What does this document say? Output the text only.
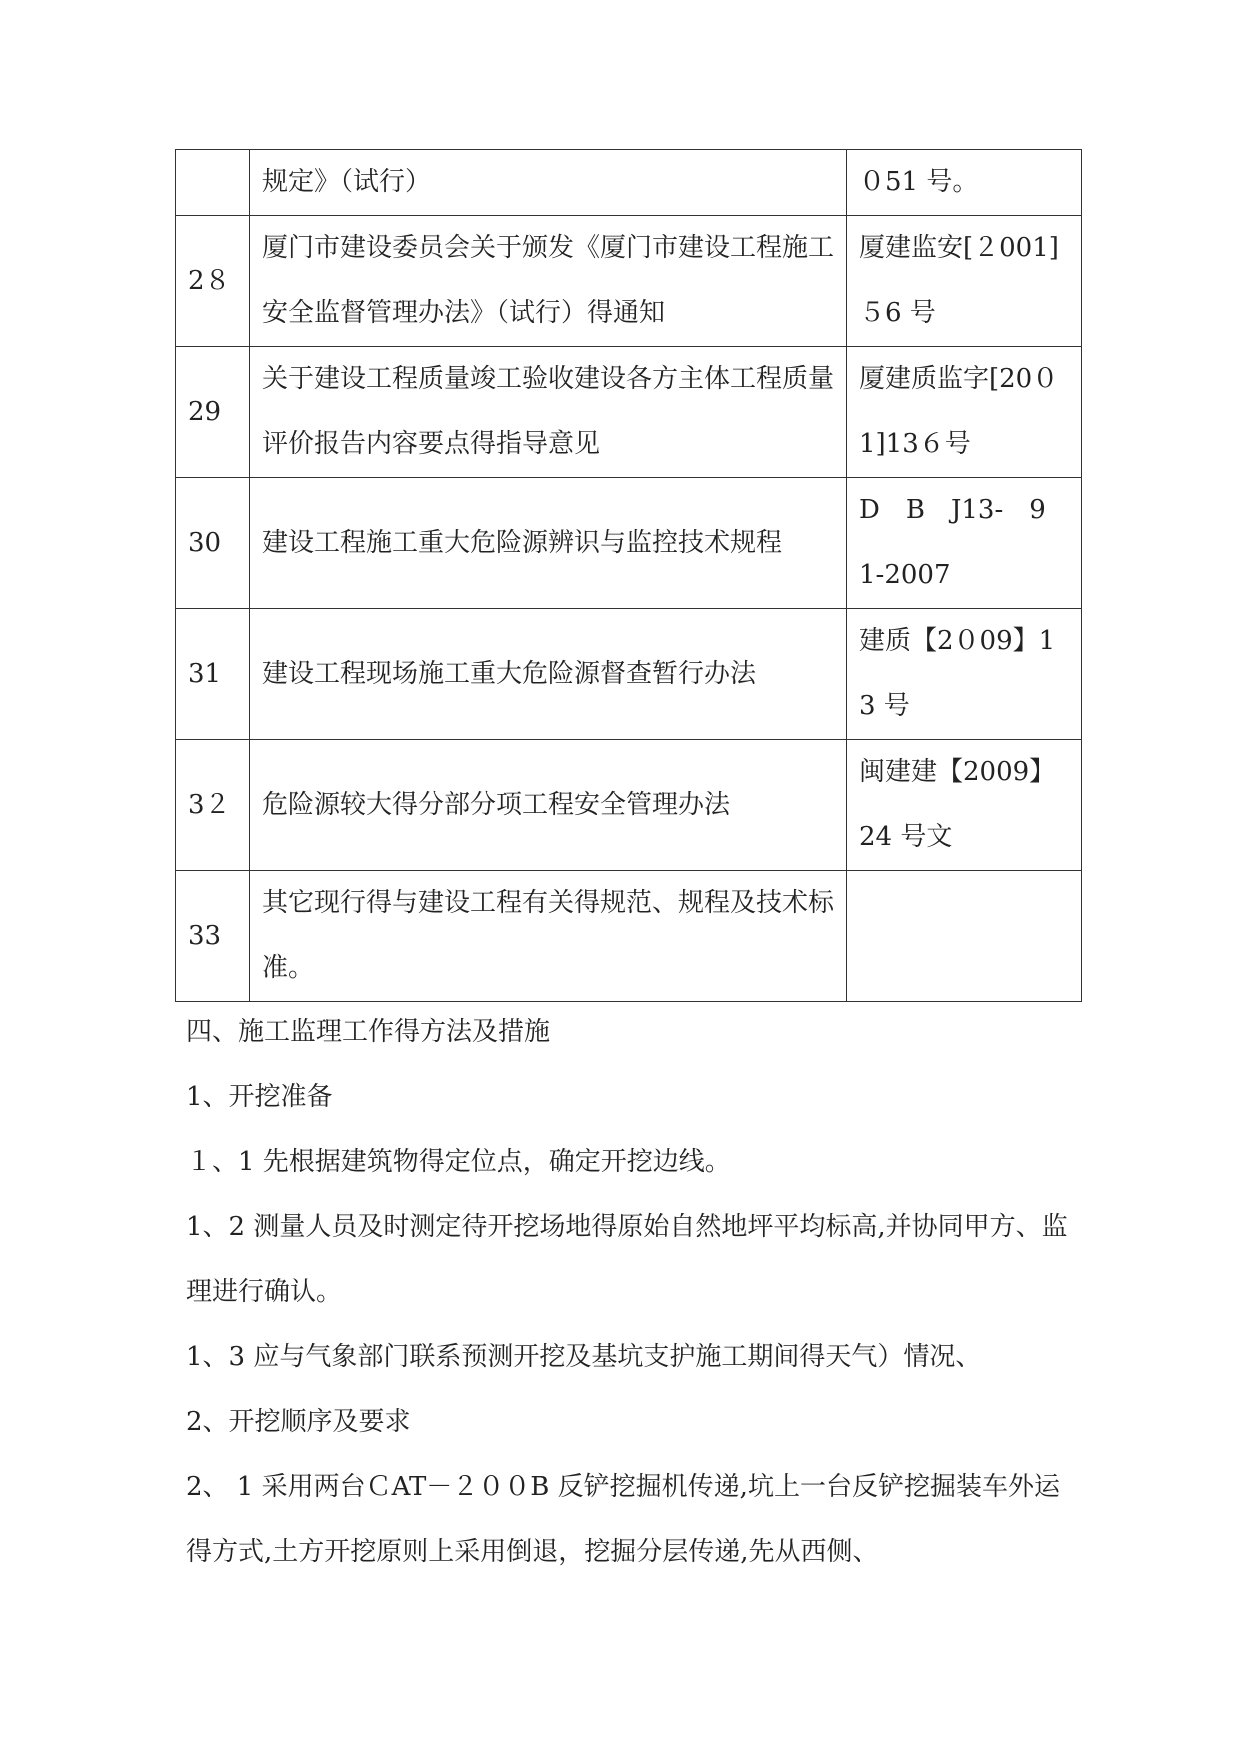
	规定》（试行）	０51 号。
2８	厦门市建设委员会关于颁发《厦门市建设工程施工安全监督管理办法》（试行）得通知	厦建监安[２001] ５6 号
29	关于建设工程质量竣工验收建设各方主体工程质量评价报告内容要点得指导意见	厦建质监字[20０1]13６号
30	建设工程施工重大危险源辨识与监控技术规程	D　B　J13-　9 1-2007
31	建设工程现场施工重大危险源督查暂行办法	建质【2０09】13 号
3２	危险源较大得分部分项工程安全管理办法	闽建建【2009】24 号文
33	其它现行得与建设工程有关得规范、规程及技术标准。	

四、施工监理工作得方法及措施

1、开挖准备

１、1 先根据建筑物得定位点，确定开挖边线。

1、2 测量人员及时测定待开挖场地得原始自然地坪平均标高,并协同甲方、监理进行确认。

1、3 应与气象部门联系预测开挖及基坑支护施工期间得天气）情况、

2、开挖顺序及要求

2、 1 采用两台ＣAT－２００B 反铲挖掘机传递,坑上一台反铲挖掘装车外运得方式,土方开挖原则上采用倒退，挖掘分层传递,先从西侧、
